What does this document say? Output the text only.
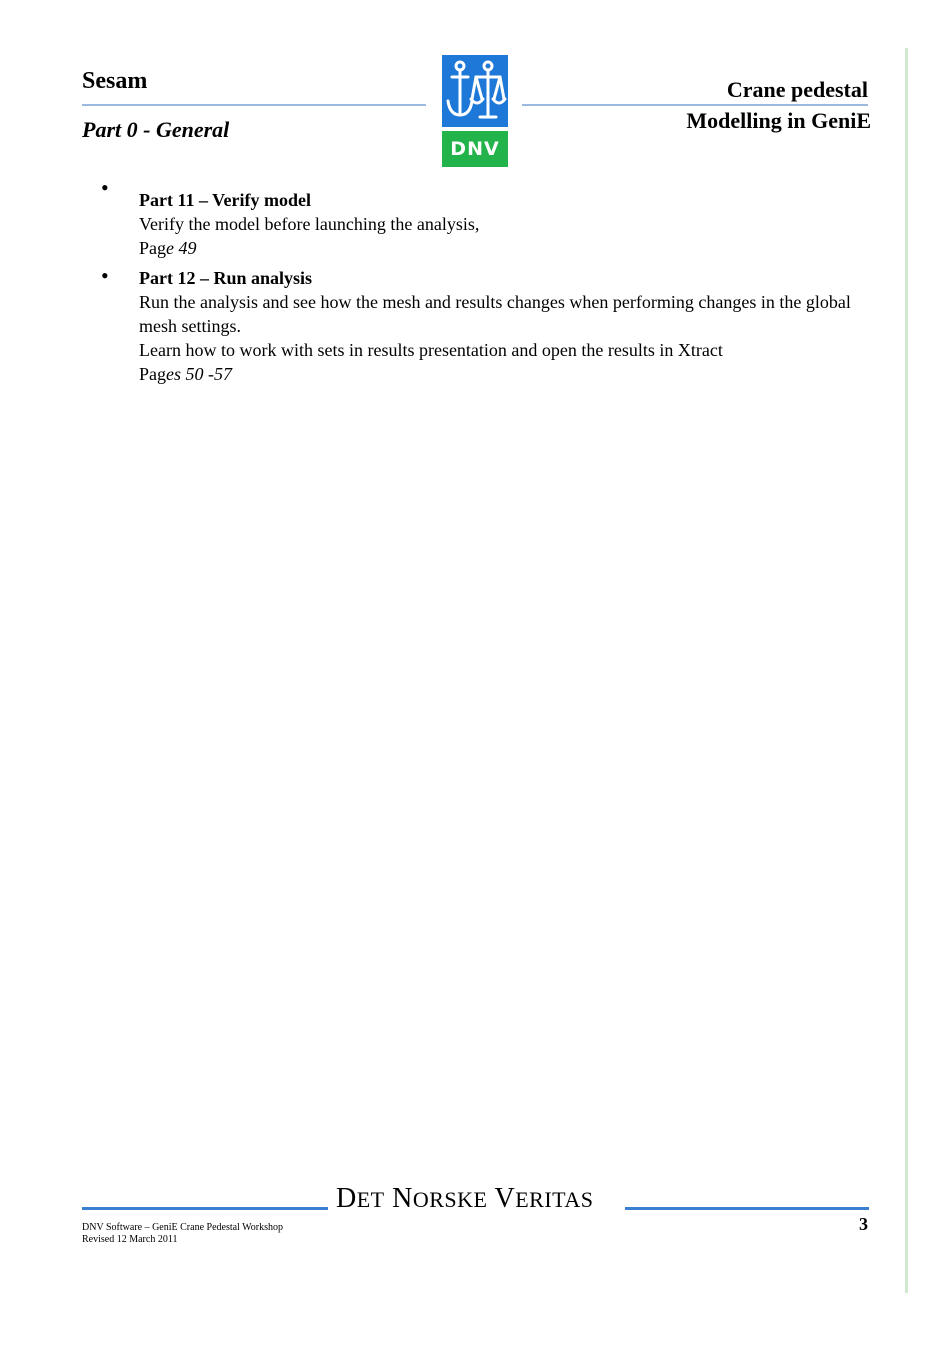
Sesam
Part 0 - General
DNV
Crane pedestal
Modelling in GeniE
• Part 11 – Verify model
Verify the model before launching the analysis,
Page 49
• Part 12 – Run analysis
Run the analysis and see how the mesh and results changes when performing changes in the global mesh settings.
Learn how to work with sets in results presentation and open the results in Xtract
Pages 50 -57
DET NORSKE VERITAS
DNV Software – GeniE Crane Pedestal Workshop
Revised 12 March 2011
3
